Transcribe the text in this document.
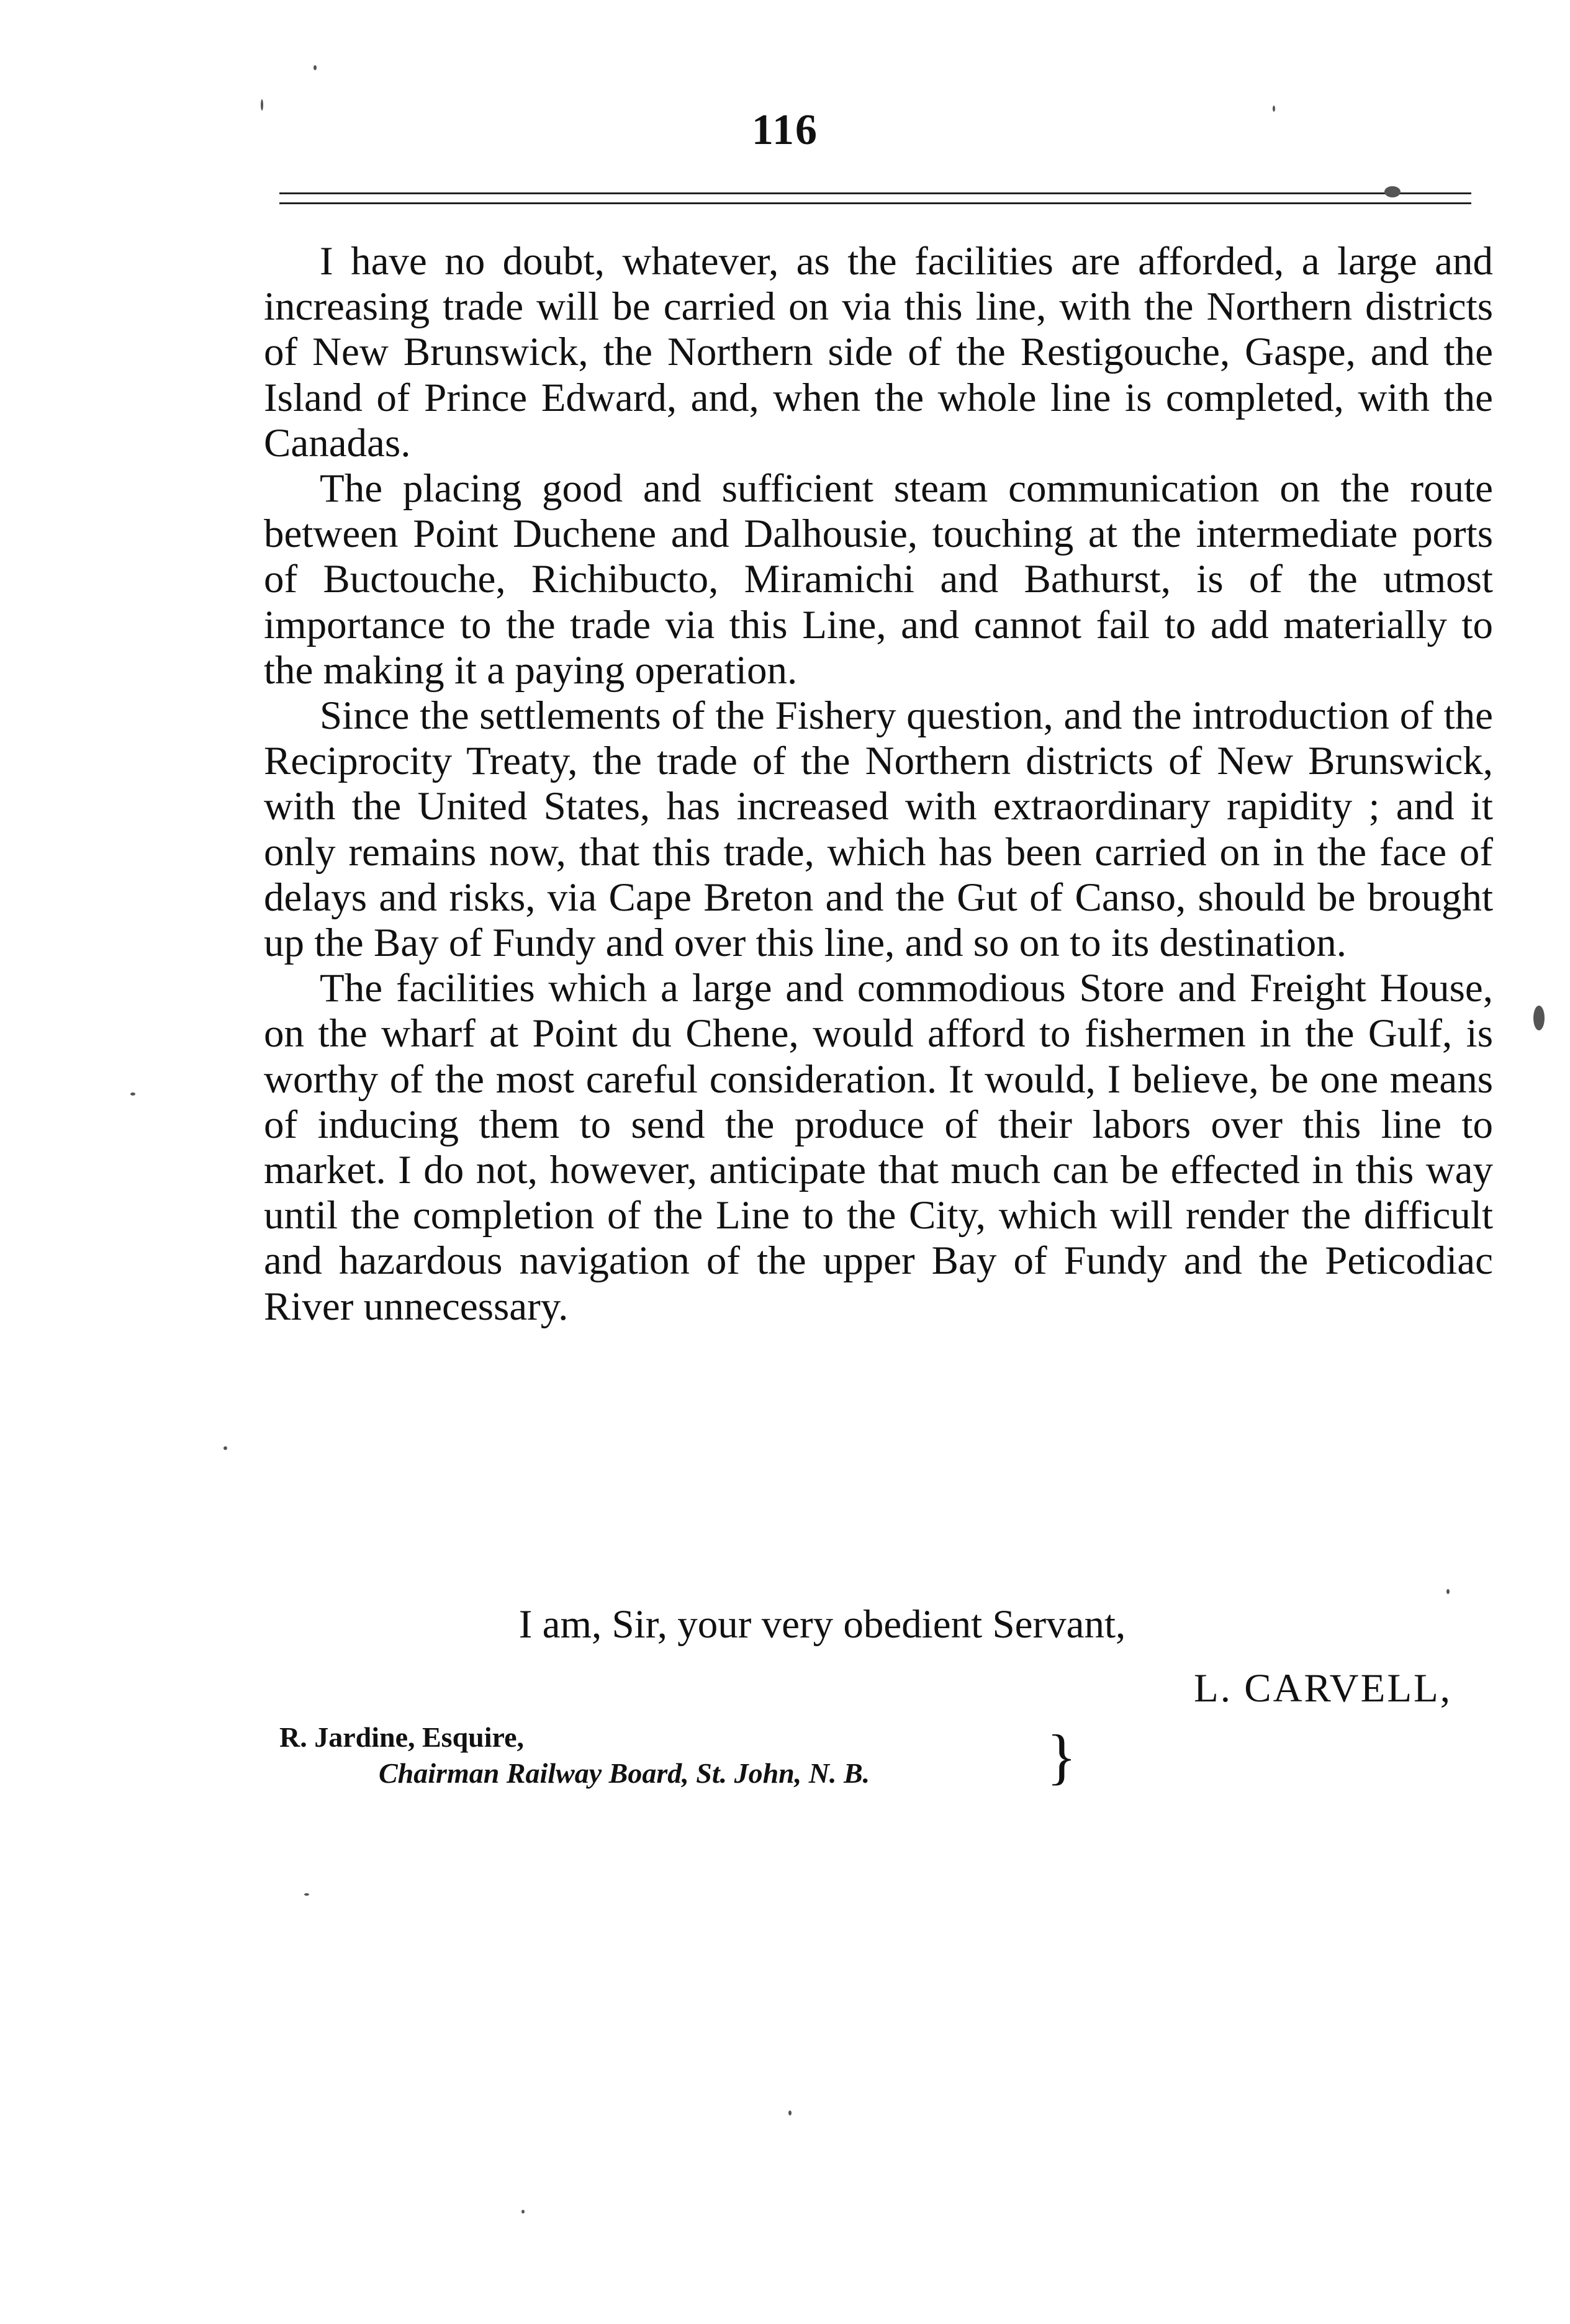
116

I have no doubt, whatever, as the facilities are afforded, a large and increasing trade will be carried on via this line, with the Northern districts of New Brunswick, the Northern side of the Restigouche, Gaspe, and the Island of Prince Edward, and, when the whole line is completed, with the Canadas.

The placing good and sufficient steam communication on the route between Point Duchene and Dalhousie, touching at the intermediate ports of Buctouche, Richibucto, Miramichi and Bathurst, is of the utmost importance to the trade via this Line, and cannot fail to add materially to the making it a paying operation.

Since the settlements of the Fishery question, and the introduction of the Reciprocity Treaty, the trade of the Northern districts of New Brunswick, with the United States, has increased with extraordinary rapidity ; and it only remains now, that this trade, which has been carried on in the face of delays and risks, via Cape Breton and the Gut of Canso, should be brought up the Bay of Fundy and over this line, and so on to its destination.

The facilities which a large and commodious Store and Freight House, on the wharf at Point du Chene, would afford to fishermen in the Gulf, is worthy of the most careful consideration. It would, I believe, be one means of inducing them to send the produce of their labors over this line to market. I do not, however, anticipate that much can be effected in this way until the completion of the Line to the City, which will render the difficult and hazardous navigation of the upper Bay of Fundy and the Peticodiac River unnecessary.

I am, Sir, your very obedient Servant,
L. CARVELL,
R. Jardine, Esquire,
Chairman Railway Board, St. John, N. B.	}
